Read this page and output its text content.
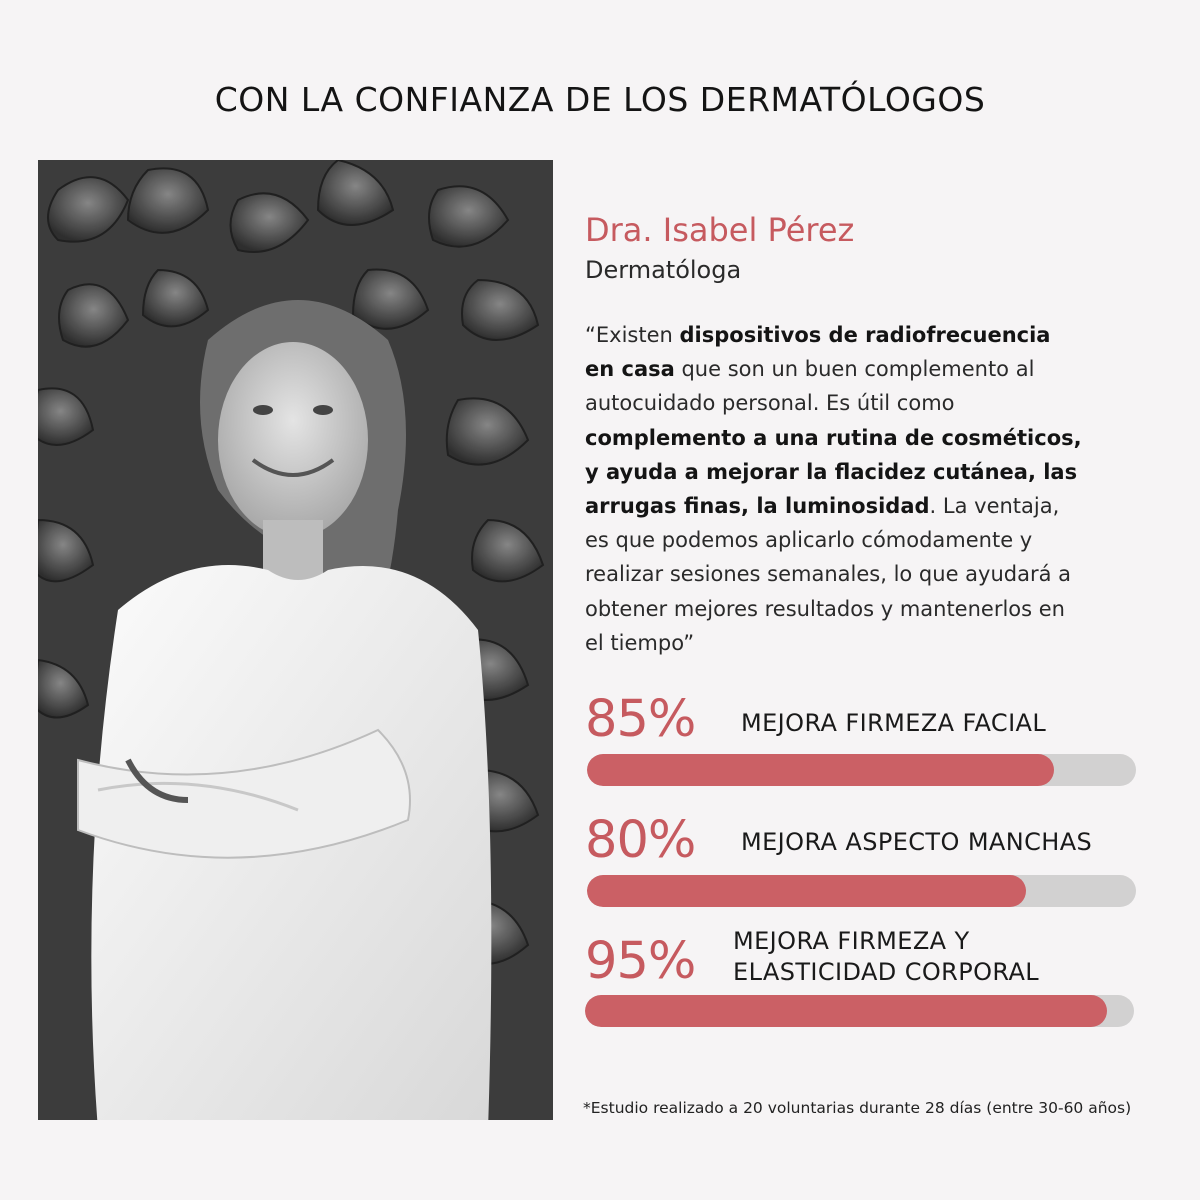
CON LA CONFIANZA DE LOS DERMATÓLOGOS
Dra. Isabel Pérez

Dermatóloga

“Existen dispositivos de radiofrecuencia en casa que son un buen complemento al autocuidado personal. Es útil como complemento a una rutina de cosméticos, y ayuda a mejorar la flacidez cutánea, las arrugas finas, la luminosidad. La ventaja, es que podemos aplicarlo cómodamente y realizar sesiones semanales, lo que ayudará a obtener mejores resultados y mantenerlos en el tiempo”

85% MEJORA FIRMEZA FACIAL
80% MEJORA ASPECTO MANCHAS
95% MEJORA FIRMEZA Y
ELASTICIDAD CORPORAL
*Estudio realizado a 20 voluntarias durante 28 días (entre 30-60 años)
